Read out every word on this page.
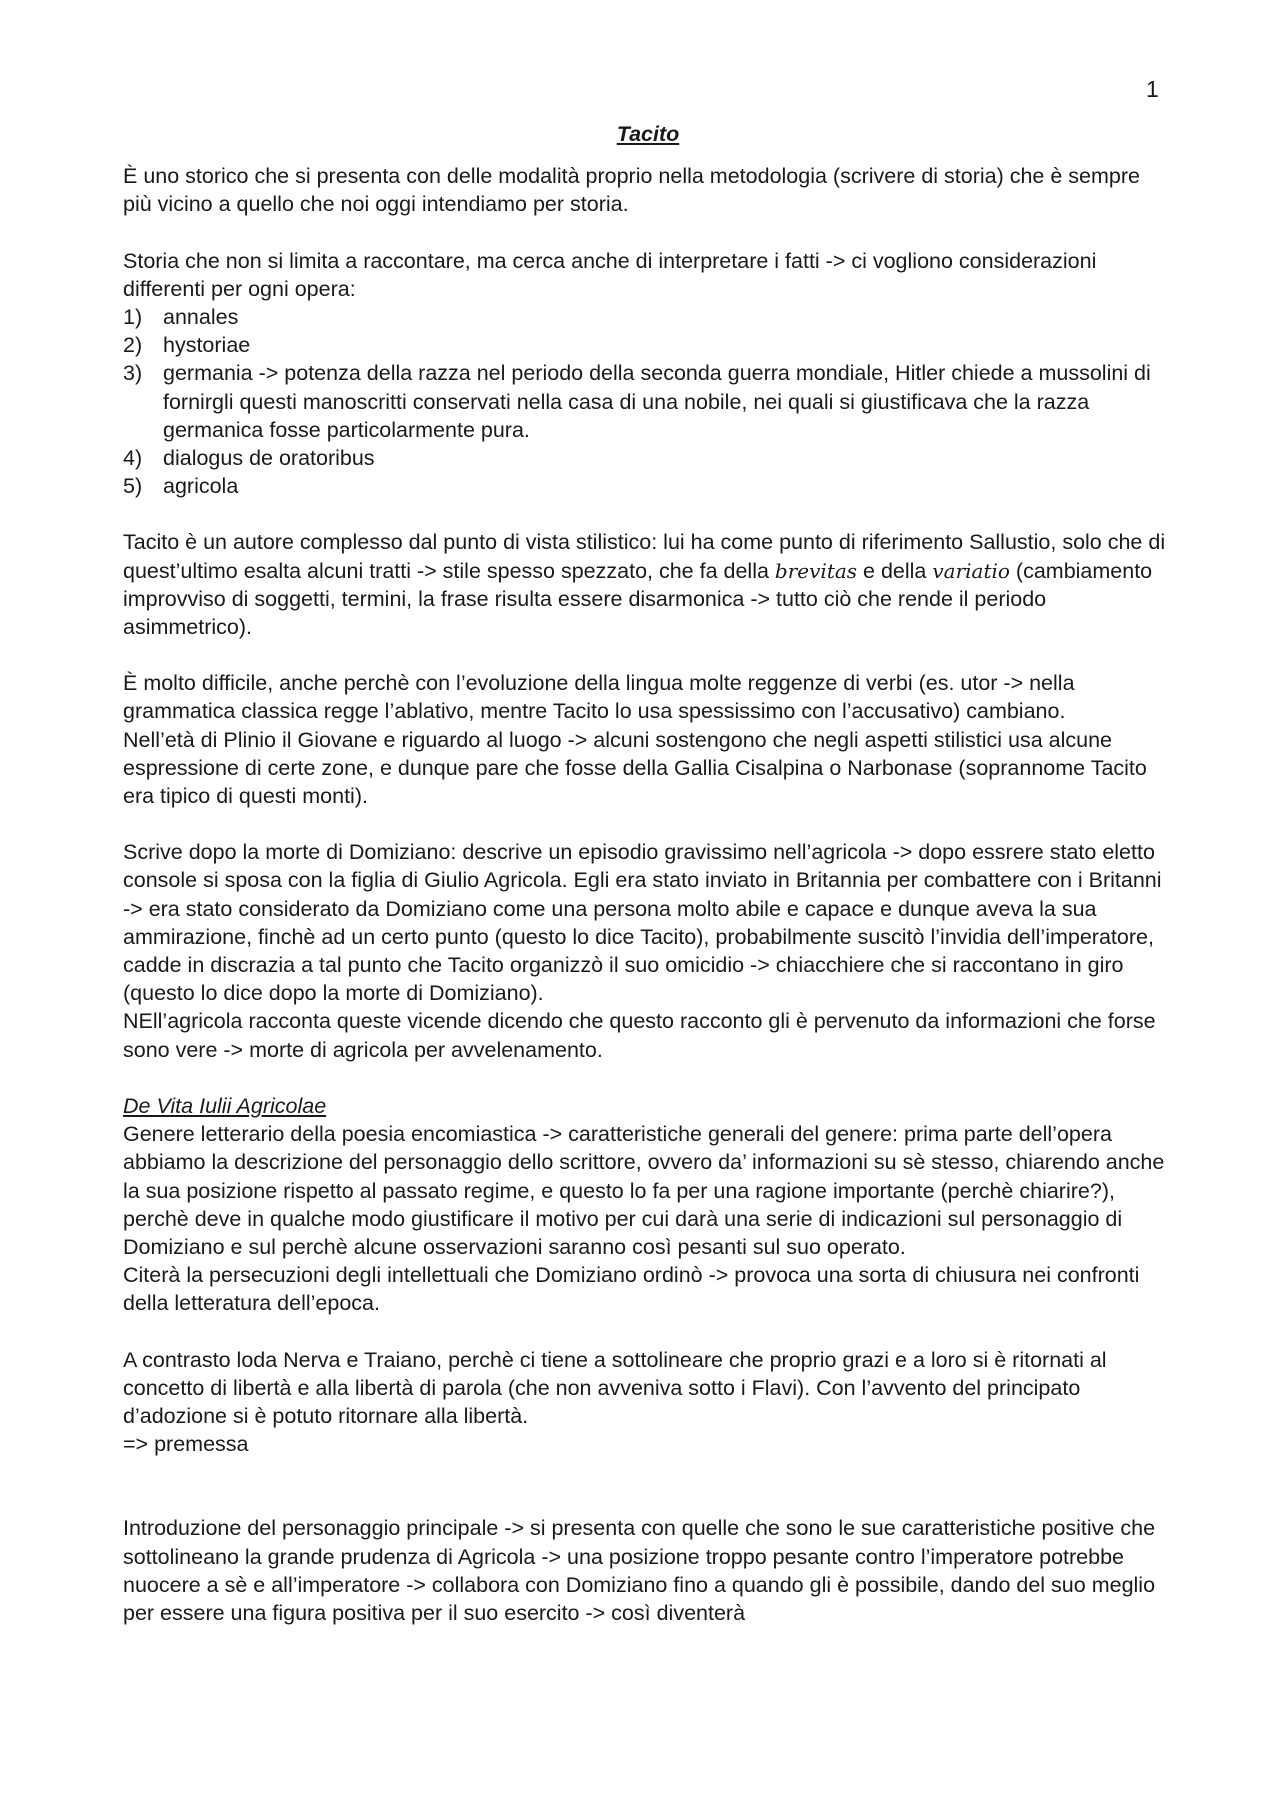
1
Tacito

È uno storico che si presenta con delle modalità proprio nella metodologia (scrivere di storia) che è sempre più vicino a quello che noi oggi intendiamo per storia.

Storia che non si limita a raccontare, ma cerca anche di interpretare i fatti -> ci vogliono considerazioni differenti per ogni opera:

1) annales
2) hystoriae
3) germania -> potenza della razza nel periodo della seconda guerra mondiale, Hitler chiede a mussolini di fornirgli questi manoscritti conservati nella casa di una nobile, nei quali si giustificava che la razza germanica fosse particolarmente pura.
4) dialogus de oratoribus
5) agricola

Tacito è un autore complesso dal punto di vista stilistico: lui ha come punto di riferimento Sallustio, solo che di quest’ultimo esalta alcuni tratti -> stile spesso spezzato, che fa della brevitas e della variatio (cambiamento improvviso di soggetti, termini, la frase risulta essere disarmonica -> tutto ciò che rende il periodo asimmetrico).

È molto difficile, anche perchè con l’evoluzione della lingua molte reggenze di verbi (es. utor -> nella grammatica classica regge l’ablativo, mentre Tacito lo usa spessissimo con l’accusativo) cambiano.

Nell’età di Plinio il Giovane e riguardo al luogo -> alcuni sostengono che negli aspetti stilistici usa alcune espressione di certe zone, e dunque pare che fosse della Gallia Cisalpina o Narbonase (soprannome Tacito era tipico di questi monti).

Scrive dopo la morte di Domiziano: descrive un episodio gravissimo nell’agricola -> dopo essrere stato eletto console si sposa con la figlia di Giulio Agricola. Egli era stato inviato in Britannia per combattere con i Britanni -> era stato considerato da Domiziano come una persona molto abile e capace e dunque aveva la sua ammirazione, finchè ad un certo punto (questo lo dice Tacito), probabilmente suscitò l’invidia dell’imperatore, cadde in discrazia a tal punto che Tacito organizzò il suo omicidio -> chiacchiere che si raccontano in giro (questo lo dice dopo la morte di Domiziano).

NEll’agricola racconta queste vicende dicendo che questo racconto gli è pervenuto da informazioni che forse sono vere -> morte di agricola per avvelenamento.

De Vita Iulii Agricolae

Genere letterario della poesia encomiastica -> caratteristiche generali del genere: prima parte dell’opera abbiamo la descrizione del personaggio dello scrittore, ovvero da’ informazioni su sè stesso, chiarendo anche la sua posizione rispetto al passato regime, e questo lo fa per una ragione importante (perchè chiarire?), perchè deve in qualche modo giustificare il motivo per cui darà una serie di indicazioni sul personaggio di Domiziano e sul perchè alcune osservazioni saranno così pesanti sul suo operato.

Citerà la persecuzioni degli intellettuali che Domiziano ordinò -> provoca una sorta di chiusura nei confronti della letteratura dell’epoca.

A contrasto loda Nerva e Traiano, perchè ci tiene a sottolineare che proprio grazi e a loro si è ritornati al concetto di libertà e alla libertà di parola (che non avveniva sotto i Flavi). Con l’avvento del principato d’adozione si è potuto ritornare alla libertà.

=> premessa

Introduzione del personaggio principale -> si presenta con quelle che sono le sue caratteristiche positive che sottolineano la grande prudenza di Agricola -> una posizione troppo pesante contro l’imperatore potrebbe nuocere a sè e all’imperatore -> collabora con Domiziano fino a quando gli è possibile, dando del suo meglio per essere una figura positiva per il suo esercito -> così diventerà
